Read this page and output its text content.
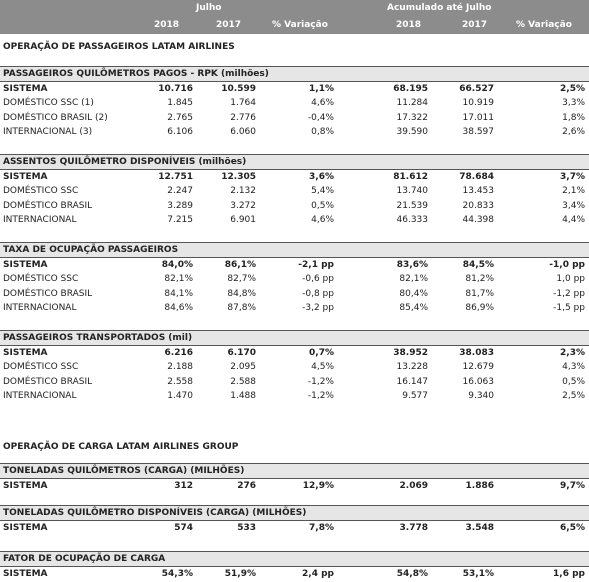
Julho	Acumulado até Julho
2018	2017	% Variação	2018	2017	% Variação
OPERAÇÃO DE PASSAGEIROS LATAM AIRLINES
PASSAGEIROS QUILÔMETROS PAGOS - RPK (milhões)
SISTEMA	10.716	10.599	1,1%	68.195	66.527	2,5%
DOMÉSTICO SSC (1)	1.845	1.764	4,6%	11.284	10.919	3,3%
DOMÉSTICO BRASIL (2)	2.765	2.776	-0,4%	17.322	17.011	1,8%
INTERNACIONAL (3)	6.106	6.060	0,8%	39.590	38.597	2,6%
ASSENTOS QUILÔMETRO DISPONÍVEIS (milhões)
SISTEMA	12.751	12.305	3,6%	81.612	78.684	3,7%
DOMÉSTICO SSC	2.247	2.132	5,4%	13.740	13.453	2,1%
DOMÉSTICO BRASIL	3.289	3.272	0,5%	21.539	20.833	3,4%
INTERNACIONAL	7.215	6.901	4,6%	46.333	44.398	4,4%
TAXA DE OCUPAÇÃO PASSAGEIROS
SISTEMA	84,0%	86,1%	-2,1 pp	83,6%	84,5%	-1,0 pp
DOMÉSTICO SSC	82,1%	82,7%	-0,6 pp	82,1%	81,2%	1,0 pp
DOMÉSTICO BRASIL	84,1%	84,8%	-0,8 pp	80,4%	81,7%	-1,2 pp
INTERNACIONAL	84,6%	87,8%	-3,2 pp	85,4%	86,9%	-1,5 pp
PASSAGEIROS TRANSPORTADOS (mil)
SISTEMA	6.216	6.170	0,7%	38.952	38.083	2,3%
DOMÉSTICO SSC	2.188	2.095	4,5%	13.228	12.679	4,3%
DOMÉSTICO BRASIL	2.558	2.588	-1,2%	16.147	16.063	0,5%
INTERNACIONAL	1.470	1.488	-1,2%	9.577	9.340	2,5%
TONELADAS QUILÔMETROS (CARGA) (MILHÕES)
SISTEMA	312	276	12,9%	2.069	1.886	9,7%
TONELADAS QUILÔMETRO DISPONÍVEIS (CARGA) (MILHÕES)
SISTEMA	574	533	7,8%	3.778	3.548	6,5%
FATOR DE OCUPAÇÃO DE CARGA
SISTEMA	54,3%	51,9%	2,4 pp	54,8%	53,1%	1,6 pp
OPERAÇÃO DE CARGA LATAM AIRLINES GROUP
